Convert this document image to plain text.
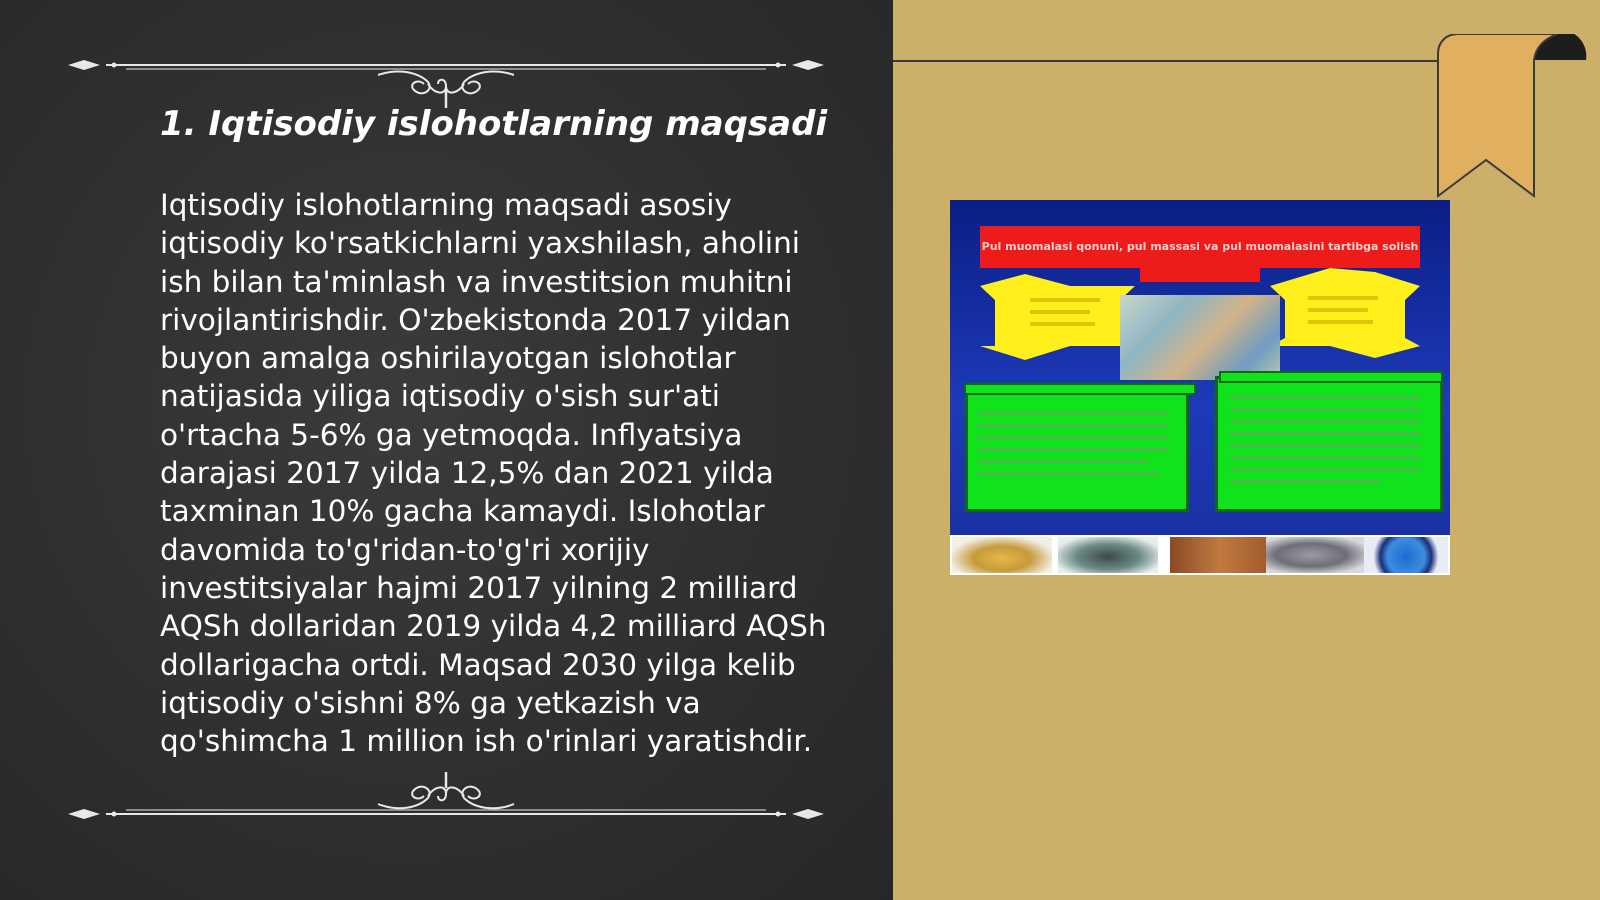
1. Iqtisodiy islohotlarning maqsadi

Iqtisodiy islohotlarning maqsadi asosiy iqtisodiy ko'rsatkichlarni yaxshilash, aholini ish bilan ta'minlash va investitsion muhitni rivojlantirishdir. O'zbekistonda 2017 yildan buyon amalga oshirilayotgan islohotlar natijasida yiliga iqtisodiy o'sish sur'ati o'rtacha 5-6% ga yetmoqda. Inflyatsiya darajasi 2017 yilda 12,5% dan 2021 yilda taxminan 10% gacha kamaydi. Islohotlar davomida to'g'ridan-to'g'ri xorijiy investitsiyalar hajmi 2017 yilning 2 milliard AQSh dollaridan 2019 yilda 4,2 milliard AQSh dollarigacha ortdi. Maqsad 2030 yilga kelib iqtisodiy o'sishni 8% ga yetkazish va qo'shimcha 1 million ish o'rinlari yaratishdir.

Pul muomalasi qonuni, pul massasi va pul muomalasini tartibga solish
